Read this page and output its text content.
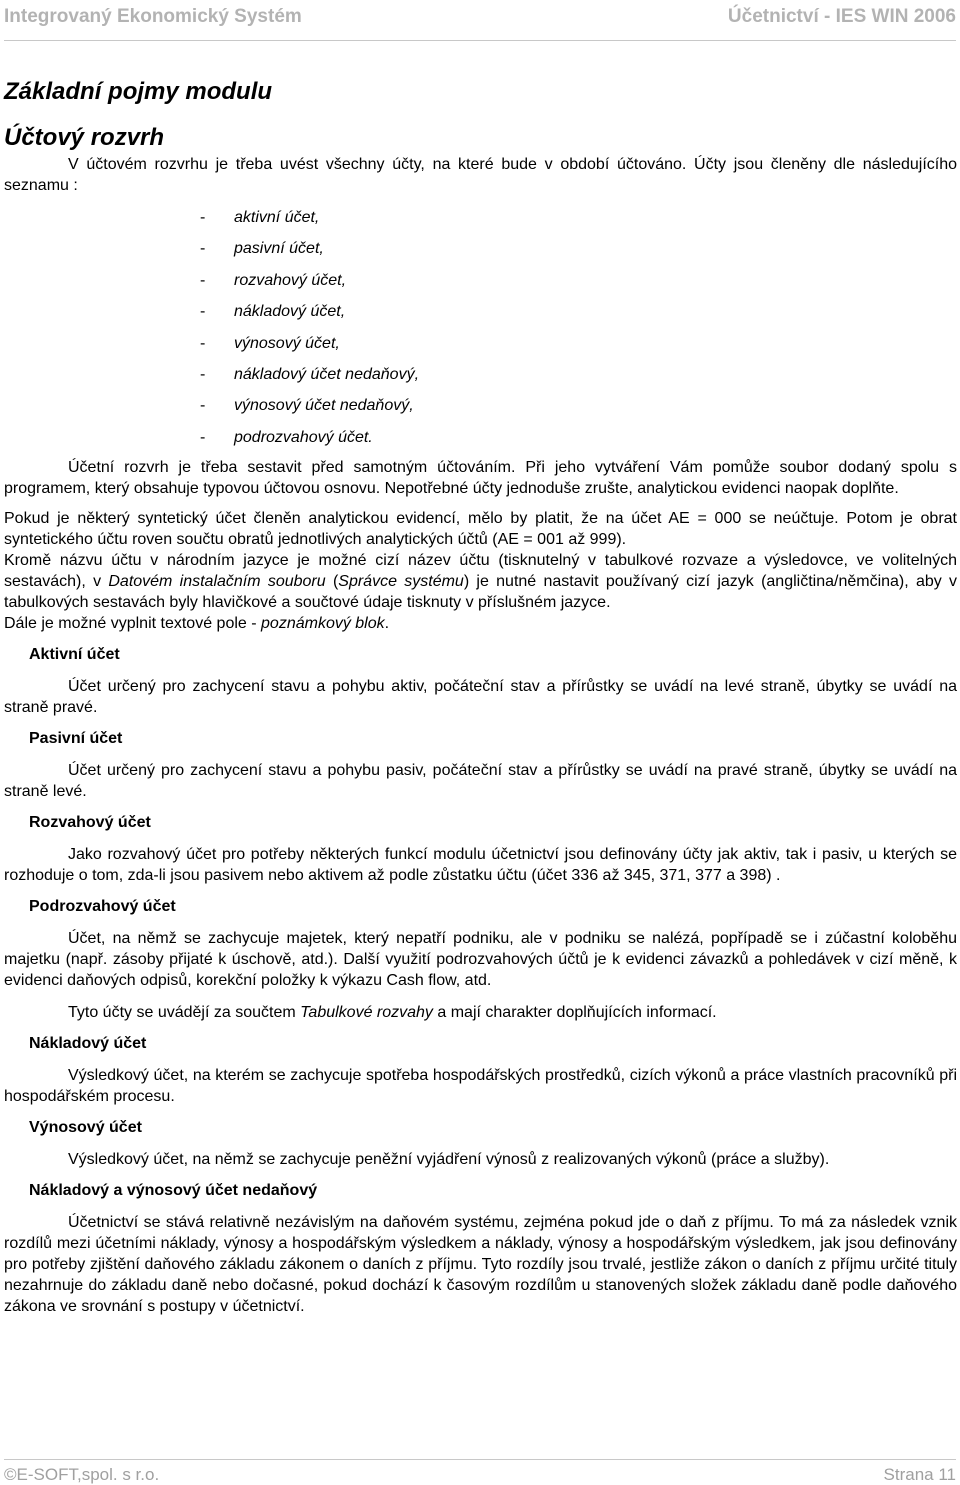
Integrovaný Ekonomický Systém	Účetnictví - IES WIN 2006
Základní pojmy modulu
Účtový rozvrh

V účtovém rozvrhu je třeba uvést všechny účty, na které bude v období účtováno. Účty jsou členěny dle následujícího seznamu :

- aktivní účet,
- pasivní účet,
- rozvahový účet,
- nákladový účet,
- výnosový účet,
- nákladový účet nedaňový,
- výnosový účet nedaňový,
- podrozvahový účet.

Účetní rozvrh je třeba sestavit před samotným účtováním. Při jeho vytváření Vám pomůže soubor dodaný spolu s programem, který obsahuje typovou účtovou osnovu. Nepotřebné účty jednoduše zrušte, analytickou evidenci naopak doplňte.

Pokud je některý syntetický účet členěn analytickou evidencí, mělo by platit, že na účet AE = 000 se neúčtuje. Potom je obrat syntetického účtu roven součtu obratů jednotlivých analytických účtů (AE = 001 až 999).

Kromě názvu účtu v národním jazyce je možné cizí název účtu (tisknutelný v tabulkové rozvaze a výsledovce, ve volitelných sestavách), v Datovém instalačním souboru (Správce systému) je nutné nastavit používaný cizí jazyk (angličtina/němčina), aby v tabulkových sestavách byly hlavičkové a součtové údaje tisknuty v příslušném jazyce.

Dále je možné vyplnit textové pole - poznámkový blok.

Aktivní účet

Účet určený pro zachycení stavu a pohybu aktiv, počáteční stav a přírůstky se uvádí na levé straně, úbytky se uvádí na straně pravé.

Pasivní účet

Účet určený pro zachycení stavu a pohybu pasiv, počáteční stav a přírůstky se uvádí na pravé straně, úbytky se uvádí na straně levé.

Rozvahový účet

Jako rozvahový účet pro potřeby některých funkcí modulu účetnictví jsou definovány účty jak aktiv, tak i pasiv, u kterých se rozhoduje o tom, zda-li jsou pasivem nebo aktivem až podle zůstatku účtu (účet 336 až 345, 371, 377 a 398) .

Podrozvahový účet

Účet, na němž se zachycuje majetek, který nepatří podniku, ale v podniku se nalézá, popřípadě se i zúčastní koloběhu majetku (např. zásoby přijaté k úschově, atd.). Další využití podrozvahových účtů je k evidenci závazků a pohledávek v cizí měně, k evidenci daňových odpisů, korekční položky k výkazu Cash flow, atd.

Tyto účty se uvádějí za součtem Tabulkové rozvahy a mají charakter doplňujících informací.

Nákladový účet

Výsledkový účet, na kterém se zachycuje spotřeba hospodářských prostředků, cizích výkonů a práce vlastních pracovníků při hospodářském procesu.

Výnosový účet

Výsledkový účet, na němž se zachycuje peněžní vyjádření výnosů z realizovaných výkonů (práce a služby).

Nákladový a výnosový účet nedaňový

Účetnictví se stává relativně nezávislým na daňovém systému, zejména pokud jde o daň z příjmu. To má za následek vznik rozdílů mezi účetními náklady, výnosy a hospodářským výsledkem a náklady, výnosy a hospodářským výsledkem, jak jsou definovány pro potřeby zjištění daňového základu zákonem o daních z příjmu. Tyto rozdíly jsou trvalé, jestliže zákon o daních z příjmu určité tituly nezahrnuje do základu daně nebo dočasné, pokud dochází k časovým rozdílům u stanovených složek základu daně podle daňového zákona ve srovnání s postupy v účetnictví.

©E-SOFT,spol. s r.o.	Strana 11
